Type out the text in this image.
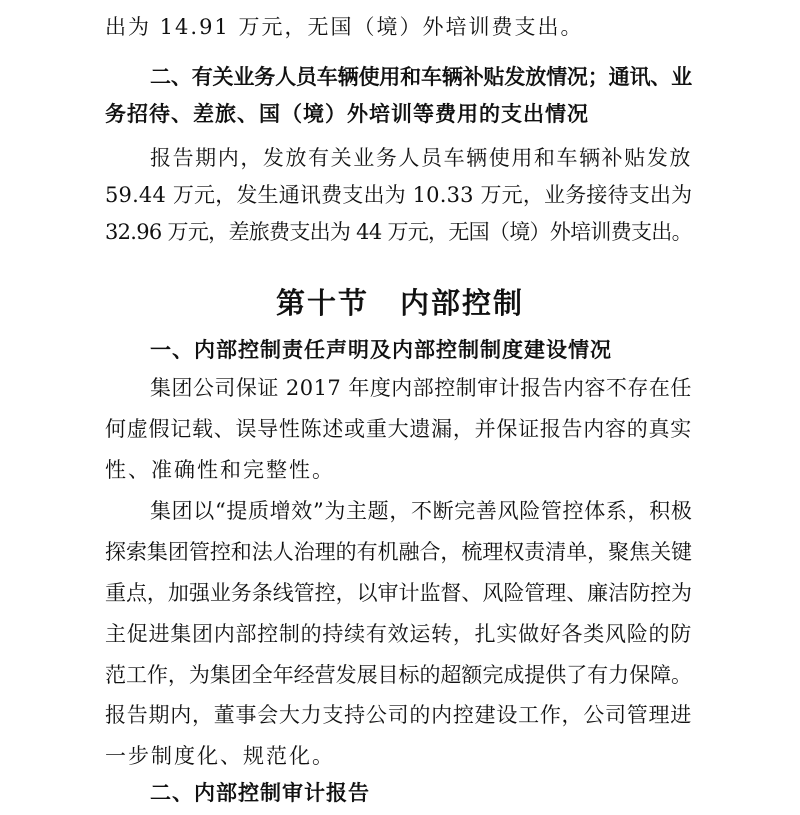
出为 14.91 万元，无国（境）外培训费支出。
二、有关业务人员车辆使用和车辆补贴发放情况；通讯、业
务招待、差旅、国（境）外培训等费用的支出情况
报告期内，发放有关业务人员车辆使用和车辆补贴发放
59.44 万元，发生通讯费支出为 10.33 万元，业务接待支出为
32.96 万元，差旅费支出为 44 万元，无国（境）外培训费支出。
第十节　内部控制
一、内部控制责任声明及内部控制制度建设情况
集团公司保证 2017 年度内部控制审计报告内容不存在任
何虚假记载、误导性陈述或重大遗漏，并保证报告内容的真实
性、准确性和完整性。
集团以“提质增效”为主题，不断完善风险管控体系，积极
探索集团管控和法人治理的有机融合，梳理权责清单，聚焦关键
重点，加强业务条线管控，以审计监督、风险管理、廉洁防控为
主促进集团内部控制的持续有效运转，扎实做好各类风险的防
范工作，为集团全年经营发展目标的超额完成提供了有力保障。
报告期内，董事会大力支持公司的内控建设工作，公司管理进
一步制度化、规范化。
二、内部控制审计报告
